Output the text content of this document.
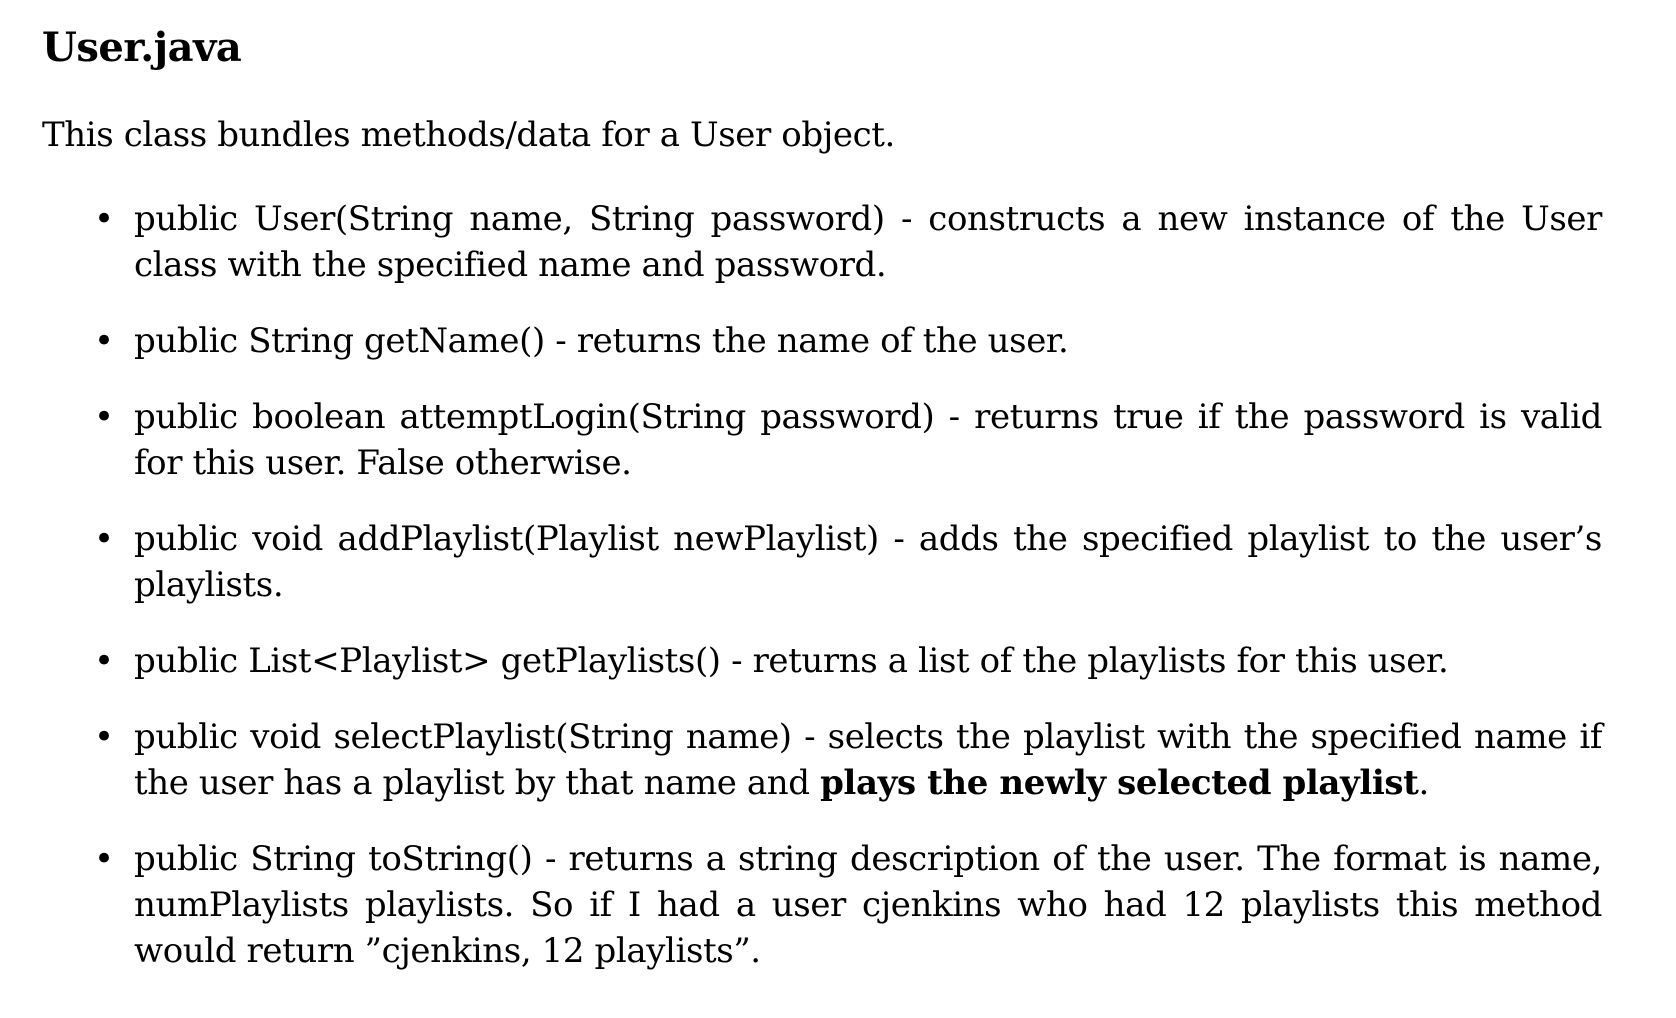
User.java

This class bundles methods/data for a User object.

• public User(String name, String password) - constructs a new instance of the User class with the specified name and password.
• public String getName() - returns the name of the user.
• public boolean attemptLogin(String password) - returns true if the password is valid for this user. False otherwise.
• public void addPlaylist(Playlist newPlaylist) - adds the specified playlist to the user’s playlists.
• public List<Playlist> getPlaylists() - returns a list of the playlists for this user.
• public void selectPlaylist(String name) - selects the playlist with the specified name if the user has a playlist by that name and plays the newly selected playlist.
• public String toString() - returns a string description of the user. The format is name, numPlaylists playlists. So if I had a user cjenkins who had 12 playlists this method would return ”cjenkins, 12 playlists”.
